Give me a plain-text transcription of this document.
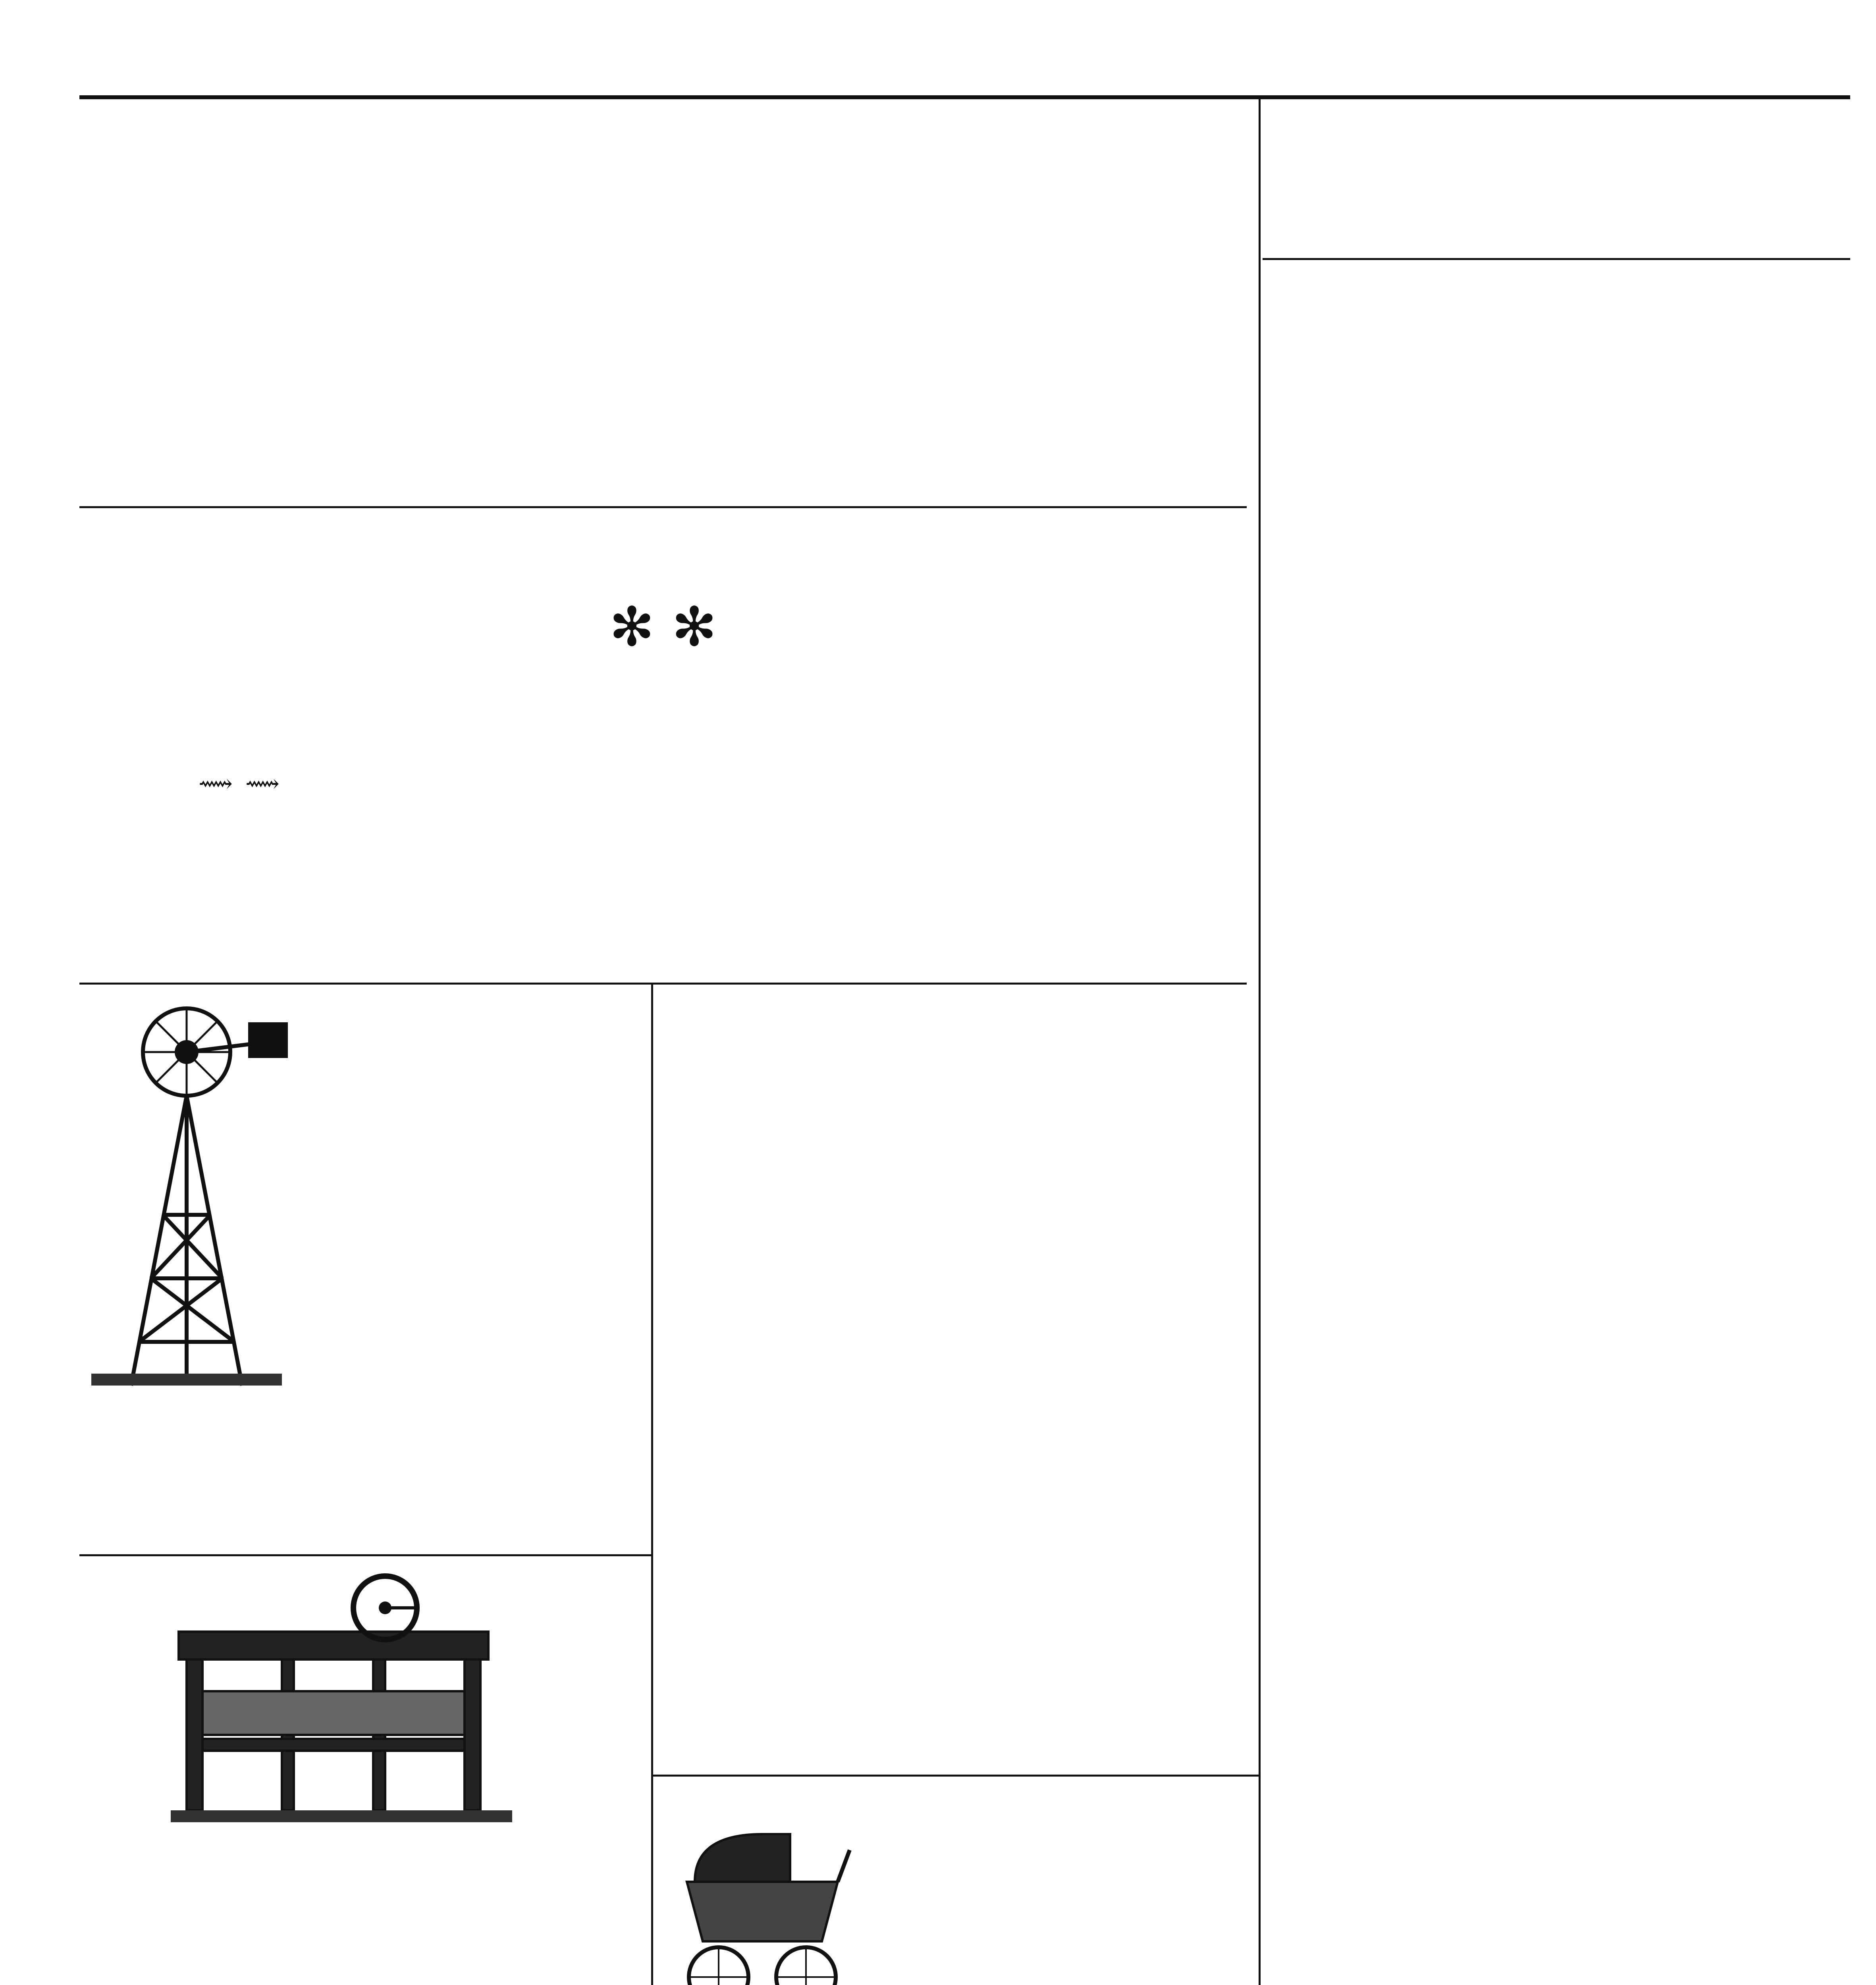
✻ ✻
⟿ ⟿
